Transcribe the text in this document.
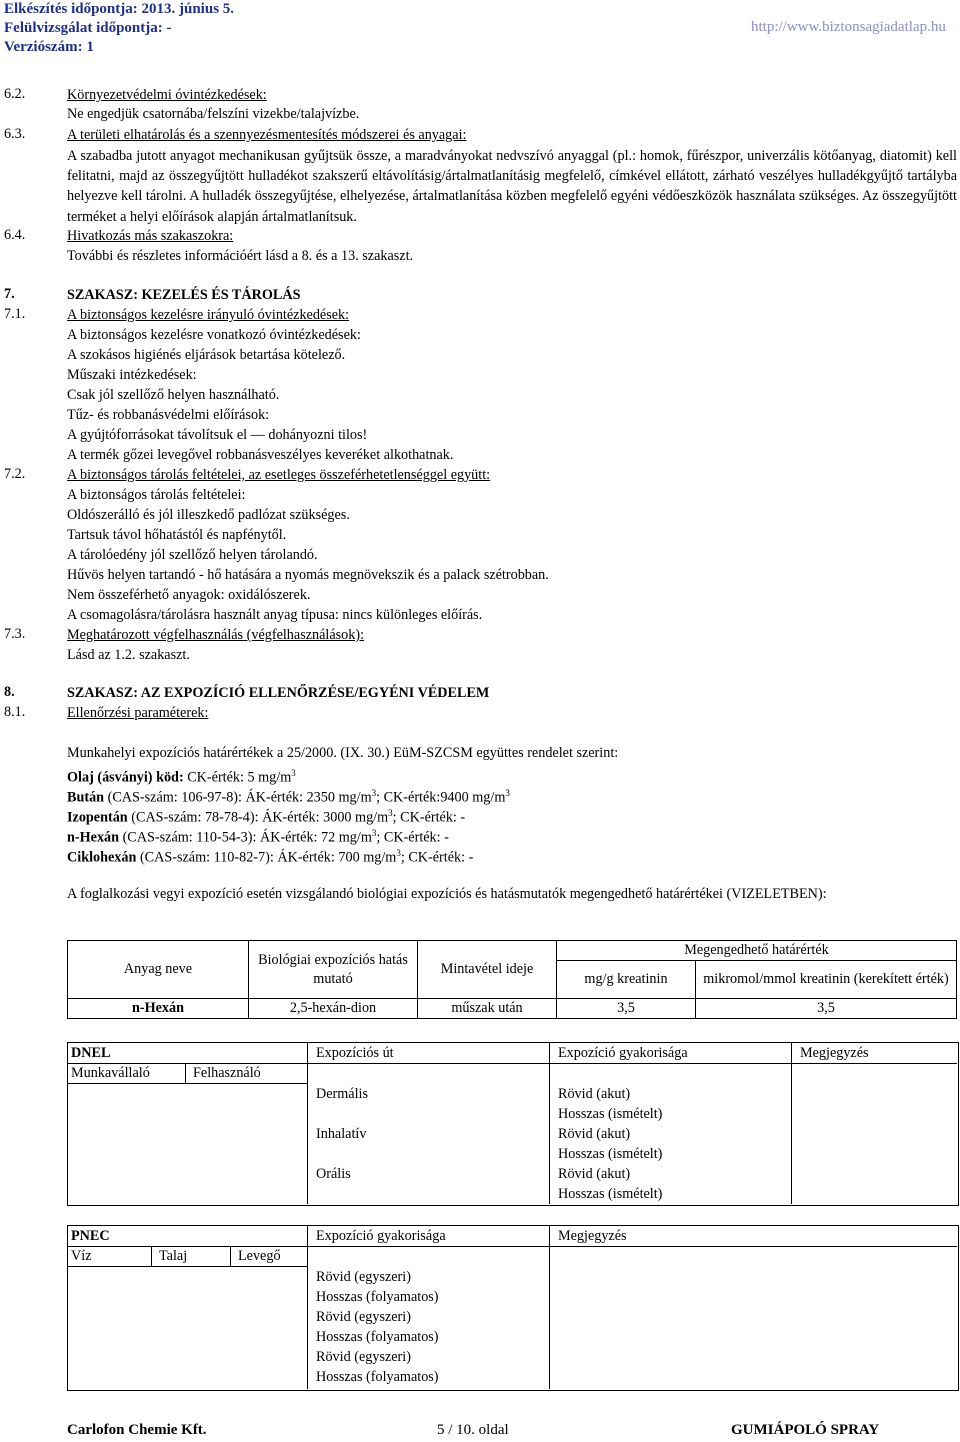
Elkészítés időpontja: 2013. június 5.
Felülvizsgálat időpontja: -
Verziószám: 1
http://www.biztonsagiadatlap.hu
6.2.	Környezetvédelmi óvintézkedések:
Ne engedjük csatornába/felszíni vizekbe/talajvízbe.
6.3.	A területi elhatárolás és a szennyezésmentesítés módszerei és anyagai:
A szabadba jutott anyagot mechanikusan gyűjtsük össze, a maradványokat nedvszívó anyaggal (pl.: homok, fűrészpor, univerzális kötőanyag, diatomit) kell felitatni, majd az összegyűjtött hulladékot szakszerű eltávolításig/ártalmatlanításig megfelelő, címkével ellátott, zárható veszélyes hulladékgyűjtő tartályba helyezve kell tárolni. A hulladék összegyűjtése, elhelyezése, ártalmatlanítása közben megfelelő egyéni védőeszközök használata szükséges. Az összegyűjtött terméket a helyi előírások alapján ártalmatlanítsuk.
6.4.	Hivatkozás más szakaszokra:
További és részletes információért lásd a 8. és a 13. szakaszt.
7.	SZAKASZ: KEZELÉS ÉS TÁROLÁS
7.1.	A biztonságos kezelésre irányuló óvintézkedések:
A biztonságos kezelésre vonatkozó óvintézkedések:
A szokásos higiénés eljárások betartása kötelező.
Műszaki intézkedések:
Csak jól szellőző helyen használható.
Tűz- és robbanásvédelmi előírások:
A gyújtóforrásokat távolítsuk el — dohányozni tilos!
A termék gőzei levegővel robbanásveszélyes keveréket alkothatnak.
7.2.	A biztonságos tárolás feltételei, az esetleges összeférhetetlenséggel együtt:
A biztonságos tárolás feltételei:
Oldószerálló és jól illeszkedő padlózat szükséges.
Tartsuk távol hőhatástól és napfénytől.
A tárolóedény jól szellőző helyen tárolandó.
Hűvös helyen tartandó - hő hatására a nyomás megnövekszik és a palack szétrobban.
Nem összeférhető anyagok: oxidálószerek.
A csomagolásra/tárolásra használt anyag típusa: nincs különleges előírás.
7.3.	Meghatározott végfelhasználás (végfelhasználások):
Lásd az 1.2. szakaszt.
8.	SZAKASZ: AZ EXPOZÍCIÓ ELLENŐRZÉSE/EGYÉNI VÉDELEM
8.1.	Ellenőrzési paraméterek:
Munkahelyi expozíciós határértékek a 25/2000. (IX. 30.) EüM-SZCSM együttes rendelet szerint:
Olaj (ásványi) köd: CK-érték: 5 $mg/m^3$
Bután (CAS-szám: 106-97-8): ÁK-érték: 2350 $mg/m^3$; CK-érték:9400 $mg/m^3$
Izopentán (CAS-szám: 78-78-4): ÁK-érték: 3000 $mg/m^3$; CK-érték: -
n-Hexán (CAS-szám: 110-54-3): ÁK-érték: 72 $mg/m^3$; CK-érték: -
Ciklohexán (CAS-szám: 110-82-7): ÁK-érték: 700 $mg/m^3$; CK-érték: -
A foglalkozási vegyi expozíció esetén vizsgálandó biológiai expozíciós és hatásmutatók megengedhető határértékei (VIZELETBEN):
Anyag neve	Biológiai expozíciós hatás mutató	Mintavétel ideje	Megengedhető határérték	
			mg/g kreatinin	mikromol/mmol kreatinin (kerekített érték)
n-Hexán	2,5-hexán-dion	műszak után	3,5	3,5
DNEL	Expozíciós út	Expozíció gyakorisága	Megjegyzés
Munkavállaló	Felhasználó
Dermális	Rövid (akut)
Hosszas (ismételt)
Inhalatív	Rövid (akut)
Hosszas (ismételt)
Orális	Rövid (akut)
Hosszas (ismételt)
PNEC	Expozíció gyakorisága	Megjegyzés
Víz	Talaj	Levegő
Rövid (egyszeri)
Hosszas (folyamatos)
Rövid (egyszeri)
Hosszas (folyamatos)
Rövid (egyszeri)
Hosszas (folyamatos)
Carlofon Chemie Kft.	5 / 10. oldal	GUMIÁPOLÓ SPRAY
